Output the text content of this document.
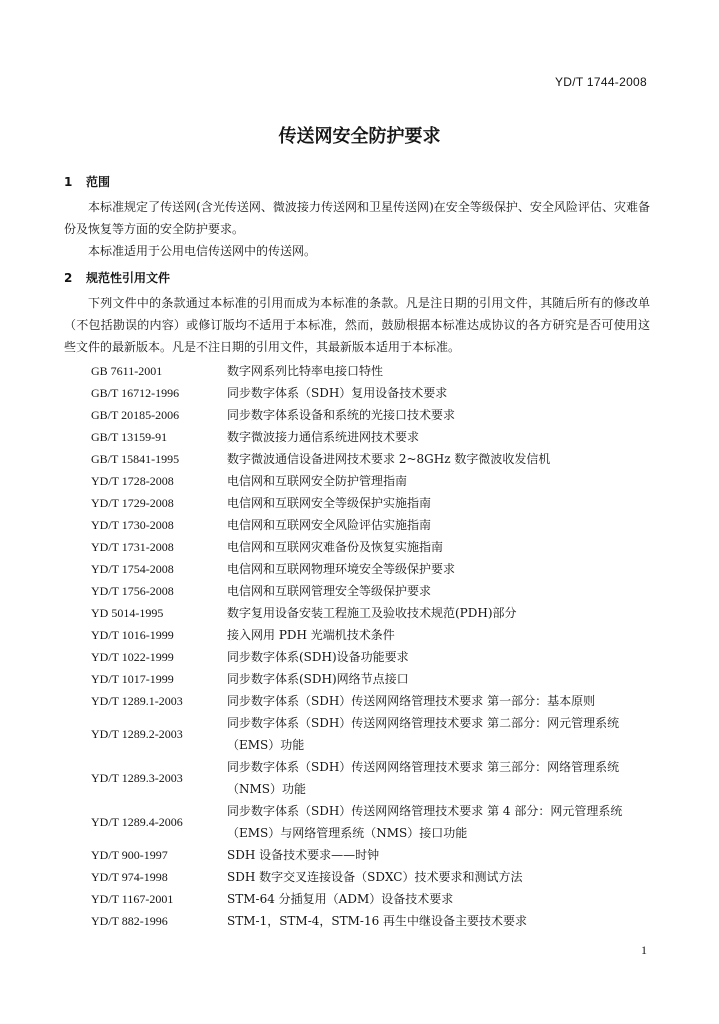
YD/T 1744-2008
传送网安全防护要求
1 范围
本标准规定了传送网(含光传送网、微波接力传送网和卫星传送网)在安全等级保护、安全风险评估、灾难备份及恢复等方面的安全防护要求。
本标准适用于公用电信传送网中的传送网。
2 规范性引用文件
下列文件中的条款通过本标准的引用而成为本标准的条款。凡是注日期的引用文件，其随后所有的修改单（不包括勘误的内容）或修订版均不适用于本标准，然而，鼓励根据本标准达成协议的各方研究是否可使用这些文件的最新版本。凡是不注日期的引用文件，其最新版本适用于本标准。
GB 7611-2001	数字网系列比特率电接口特性
GB/T 16712-1996	同步数字体系（SDH）复用设备技术要求
GB/T 20185-2006	同步数字体系设备和系统的光接口技术要求
GB/T 13159-91	数字微波接力通信系统进网技术要求
GB/T 15841-1995	数字微波通信设备进网技术要求 2~8GHz 数字微波收发信机
YD/T 1728-2008	电信网和互联网安全防护管理指南
YD/T 1729-2008	电信网和互联网安全等级保护实施指南
YD/T 1730-2008	电信网和互联网安全风险评估实施指南
YD/T 1731-2008	电信网和互联网灾难备份及恢复实施指南
YD/T 1754-2008	电信网和互联网物理环境安全等级保护要求
YD/T 1756-2008	电信网和互联网管理安全等级保护要求
YD 5014-1995	数字复用设备安装工程施工及验收技术规范(PDH)部分
YD/T 1016-1999	接入网用 PDH 光端机技术条件
YD/T 1022-1999	同步数字体系(SDH)设备功能要求
YD/T 1017-1999	同步数字体系(SDH)网络节点接口
YD/T 1289.1-2003	同步数字体系（SDH）传送网网络管理技术要求 第一部分：基本原则
YD/T 1289.2-2003
同步数字体系（SDH）传送网网络管理技术要求 第二部分：网元管理系统（EMS）功能
YD/T 1289.3-2003
同步数字体系（SDH）传送网网络管理技术要求 第三部分：网络管理系统（NMS）功能
YD/T 1289.4-2006
同步数字体系（SDH）传送网网络管理技术要求 第 4 部分：网元管理系统（EMS）与网络管理系统（NMS）接口功能
YD/T 900-1997	SDH 设备技术要求——时钟
YD/T 974-1998	SDH 数字交叉连接设备（SDXC）技术要求和测试方法
YD/T 1167-2001	STM-64 分插复用（ADM）设备技术要求
YD/T 882-1996	STM-1，STM-4，STM-16 再生中继设备主要技术要求
1
